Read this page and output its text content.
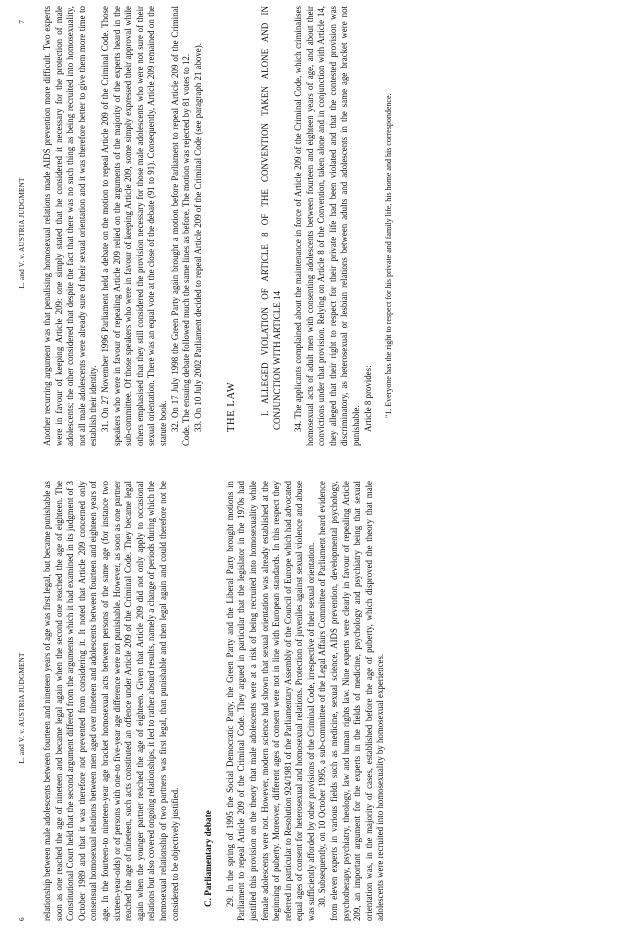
6
L. and V. v. AUSTRIA JUDGMENT relationship between male adolescents between fourteen and nineteen years of age was first legal, but became punishable as soon as one reached the age of nineteen and became legal again when the second one reached the age of eighteen. The Constitutional Court held that the second argument differed from the arguments which it had examined in its judgment of 3 October 1989 and that it was therefore not prevented from considering it. It noted that Article 209 concerned only consensual homosexual relations between men aged over nineteen and adolescents between fourteen and eighteen years of age. In the fourteen-to nineteen-year age bracket homosexual acts between persons of the same age (for instance two sixteen-year-olds) or of persons with one-to five-year age difference were not punishable. However, as soon as one partner reached the age of nineteen, such acts constituted an offence under Article 209 of the Criminal Code. They became legal again when the younger partner reached the age of eighteen. Given that Article 209 did not only apply to occasional relations but also covered ongoing relationships, it led to rather absurd results, namely a change of periods during which the homosexual relationship of two partners was first legal, than punishable and then legal again and could therefore not be considered to be objectively justified.	C. Parliamentary debate 29. In the spring of 1995 the Social Democratic Party, the Green Party and the Liberal Party brought motions in Parliament to repeal Article 209 of the Criminal Code. They argued in particular that the legislator in the 1970s had justified this provision on the theory that male adolescents were at a risk of being recruited into homosexuality while female adolescents were not. However, modern science had shown that sexual orientation was already established at the beginning of puberty. Moreover, different ages of consent were not in line with European standards. In this respect they referred in particular to Resolution 924/1981 of the Parliamentary Assembly of the Council of Europe which had advocated equal ages of consent for heterosexual and homosexual relations. Protection of juveniles against sexual violence and abuse was sufficiently afforded by other provisions of the Criminal Code, irrespective of their sexual orientation. 30. Subsequently, on 10 October 1995, a sub-committee of the Legal Affairs Committee of Parliament heard evidence from eleven experts in various fields such as medicine, sexual science, AIDS prevention, developmental psychology, psychotherapy, psychiatry, theology, law and human rights law. Nine experts were clearly in favour of repealing Article 209, an important argument for the experts in the fields of medicine, psychology and psychiatry being that sexual orientation was, in the majority of cases, established before the age of puberty, which disproved the theory that male adolescents were recruited into homosexuality by homosexual experiences.

L. and V. v. AUSTRIA JUDGMENT
7 Another recurring argument was that penalising homosexual relations made AIDS prevention more difficult. Two experts were in favour of keeping Article 209: one simply stated that he considered it necessary for the protection of male adolescents; the other considered that despite the fact that there was no such thing as being recruited into homosexuality, not all male adolescents were already sure of their sexual orientation and it was therefore better to give them more time to establish their identity. 31. On 27 November 1996 Parliament held a debate on the motion to repeal Article 209 of the Criminal Code. Those speakers who were in favour of repealing Article 209 relied on the arguments of the majority of the experts heard in the sub-committee. Of those speakers who were in favour of keeping Article 209, some simply expressed their approval while others emphasised that they still considered the provision necessary for those male adolescents who were not sure of their sexual orientation. There was an equal vote at the close of the debate (91 to 91). Consequently, Article 209 remained on the statute book. 32. On 17 July 1998 the Green Party again brought a motion before Parliament to repeal Article 209 of the Criminal Code. The ensuing debate followed much the same lines as before. The motion was rejected by 81 votes to 12. 33. On 10 July 2002 Parliament decided to repeal Article 209 of the Criminal Code (see paragraph 21 above). THE LAW	I. ALLEGED VIOLATION OF ARTICLE 8 OF THE CONVENTION TAKEN ALONE AND IN CONJUNCTION WITH ARTICLE 14 34. The applicants complained about the maintenance in force of Article 209 of the Criminal Code, which criminalises homosexual acts of adult men with consenting adolescents between fourteen and eighteen years of age, and about their convictions under that provision. Relying on Article 8 of the Convention, taken alone and in conjunction with Article 14, they alleged that their right to respect for their private life had been violated and that the contested provision was discriminatory, as heterosexual or lesbian relations between adults and adolescents in the same age bracket were not punishable. Article 8 provides: "1. Everyone has the right to respect for his private and family life, his home and his correspondence.
